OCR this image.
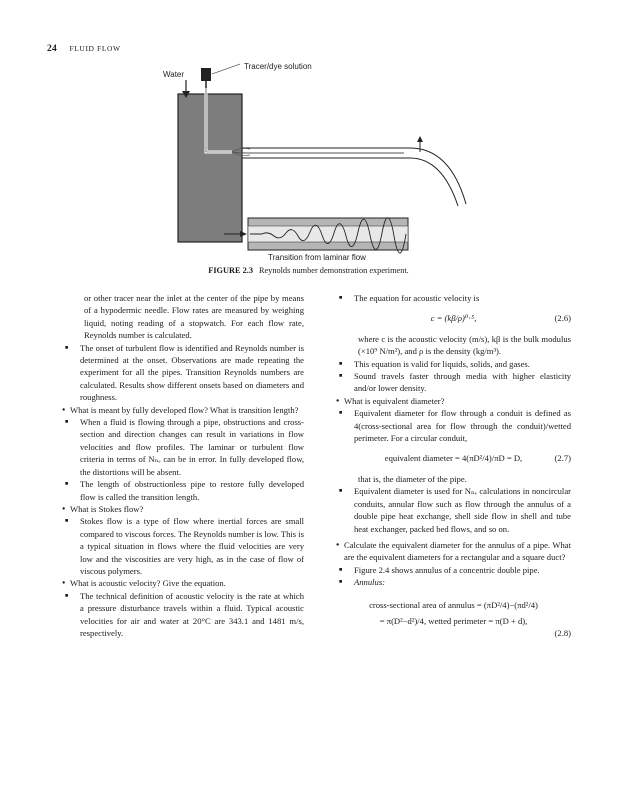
24 FLUID FLOW
Water
Tracer/dye solution
Transition from laminar flow
FIGURE 2.3 Reynolds number demonstration experiment.

or other tracer near the inlet at the center of the pipe by means of a hypodermic needle. Flow rates are measured by weighing liquid, noting reading of a stopwatch. For each flow rate, Reynolds number is calculated.

■ The onset of turbulent flow is identified and Reynolds number is determined at the onset. Observations are made repeating the experiment for all the pipes. Transition Reynolds numbers are calculated. Results show different onsets based on diameters and roughness.

● What is meant by fully developed flow? What is transition length?

■ When a fluid is flowing through a pipe, obstructions and cross-section and direction changes can result in variations in flow velocities and flow profiles. The laminar or turbulent flow criteria in terms of Nₙₑ can be in error. In fully developed flow, the distortions will be absent.

■ The length of obstructionless pipe to restore fully developed flow is called the transition length.

● What is Stokes flow?

■ Stokes flow is a type of flow where inertial forces are small compared to viscous forces. The Reynolds number is low. This is a typical situation in flows where the fluid velocities are very low and the viscosities are very high, as in the case of flow of viscous polymers.

● What is acoustic velocity? Give the equation.

■ The technical definition of acoustic velocity is the rate at which a pressure disturbance travels within a fluid. Typical acoustic velocities for air and water at 20°C are 343.1 and 1481 m/s, respectively.

■ The equation for acoustic velocity is

c = (kβ/ρ)⁰⋅⁵,	(2.6)

where c is the acoustic velocity (m/s), kβ is the bulk modulus (×10⁹ N/m²), and ρ is the density (kg/m³).

■ This equation is valid for liquids, solids, and gases.

■ Sound travels faster through media with higher elasticity and/or lower density.

● What is equivalent diameter?

■ Equivalent diameter for flow through a conduit is defined as 4(cross-sectional area for flow through the conduit)/wetted perimeter. For a circular conduit,

equivalent diameter = 4(πD²/4)/πD = D,	(2.7)

that is, the diameter of the pipe.

■ Equivalent diameter is used for Nₙₑ calculations in noncircular conduits, annular flow such as flow through the annulus of a double pipe heat exchange, shell side flow in shell and tube heat exchanger, packed bed flows, and so on.

● Calculate the equivalent diameter for the annulus of a pipe. What are the equivalent diameters for a rectangular and a square duct?

■ Figure 2.4 shows annulus of a concentric double pipe.

■ Annulus:

cross-sectional area of annulus = (πD²/4)−(πd²/4)
= π(D²−d²)/4, wetted perimeter = π(D + d),
(2.8)
